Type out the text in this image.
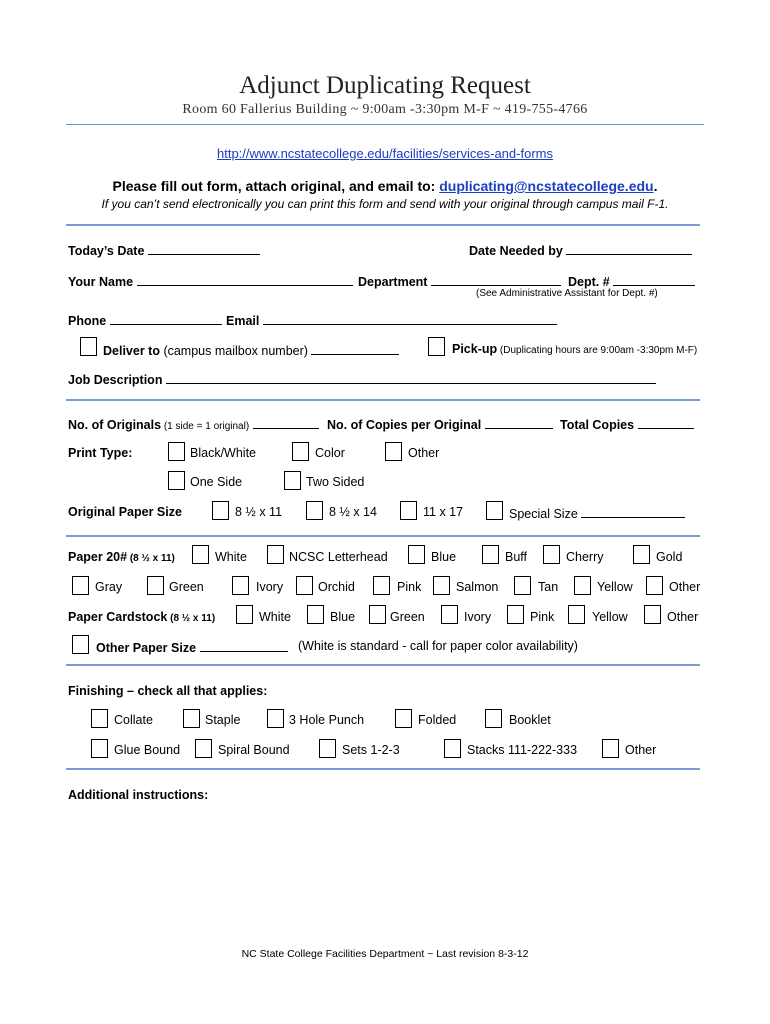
Adjunct Duplicating Request
Room 60 Fallerius Building ~ 9:00am -3:30pm M-F ~ 419-755-4766
http://www.ncstatecollege.edu/facilities/services-and-forms
Please fill out form, attach original, and email to: duplicating@ncstatecollege.edu.
If you can’t send electronically you can print this form and send with your original through campus mail F-1.
Today’s Date	Date Needed by
Your Name	Department	Dept. #
(See Administrative Assistant for Dept. #)
Phone	Email
Deliver to (campus mailbox number)	Pick-up (Duplicating hours are 9:00am -3:30pm M-F)
Job Description
No. of Originals (1 side = 1 original)	No. of Copies per Original	Total Copies
Print Type:	Black/White	Color	Other
One Side	Two Sided
Original Paper Size	8 ½ x 11	8 ½ x 14	11 x 17	Special Size
Paper 20# (8 ½ x 11)	White	NCSC Letterhead	Blue	Buff	Cherry	Gold
Gray	Green	Ivory	Orchid	Pink	Salmon	Tan	Yellow	Other
Paper Cardstock (8 ½ x 11)	White	Blue	Green	Ivory	Pink	Yellow	Other
Other Paper Size	(White is standard - call for paper color availability)
Finishing – check all that applies:
Collate	Staple	3 Hole Punch	Folded	Booklet
Glue Bound	Spiral Bound	Sets 1-2-3	Stacks 111-222-333	Other
Additional instructions:
NC State College Facilities Department ~ Last revision 8-3-12
